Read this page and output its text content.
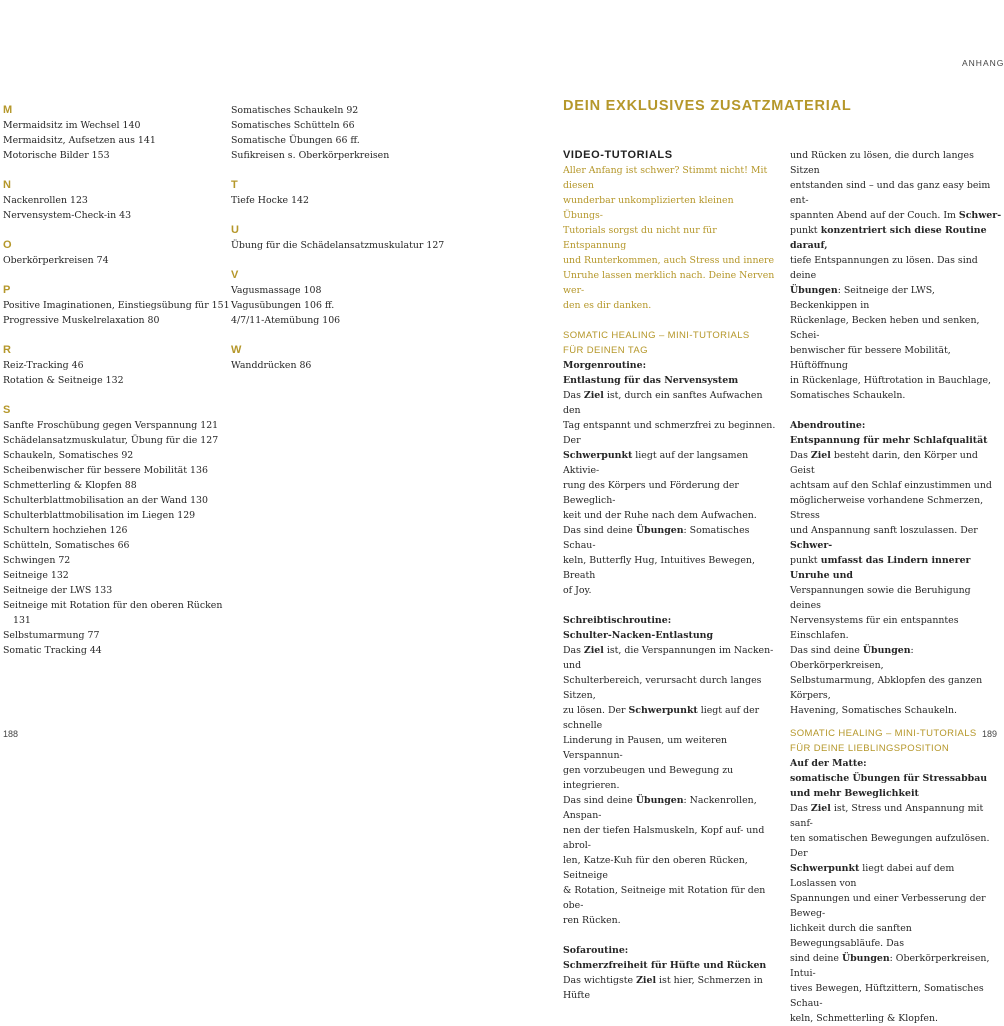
ANHANG

M

Mermaidsitz im Wechsel 140

Mermaidsitz, Aufsetzen aus 141

Motorische Bilder 153

N

Nackenrollen 123

Nervensystem-Check-in 43

O

Oberkörperkreisen 74

P

Positive Imaginationen, Einstiegsübung für 151

Progressive Muskelrelaxation 80

R

Reiz-Tracking 46

Rotation & Seitneige 132

S

Sanfte Froschübung gegen Verspannung 121

Schädelansatzmuskulatur, Übung für die 127

Schaukeln, Somatisches 92

Scheibenwischer für bessere Mobilität 136

Schmetterling & Klopfen 88

Schulterblattmobilisation an der Wand 130

Schulterblattmobilisation im Liegen 129

Schultern hochziehen 126

Schütteln, Somatisches 66

Schwingen 72

Seitneige 132

Seitneige der LWS 133

Seitneige mit Rotation für den oberen Rücken

131

Selbstumarmung 77

Somatic Tracking 44

Somatisches Schaukeln 92

Somatisches Schütteln 66

Somatische Übungen 66 ff.

Sufikreisen s. Oberkörperkreisen

T

Tiefe Hocke 142

U

Übung für die Schädelansatzmuskulatur 127

V

Vagusmassage 108

Vagusübungen 106 ff.

4/7/11-Atemübung 106

W

Wanddrücken 86

DEIN EXKLUSIVES ZUSATZMATERIAL
VIDEO-TUTORIALS
Aller Anfang ist schwer? Stimmt nicht! Mit diesen
wunderbar unkomplizierten kleinen Übungs-
Tutorials sorgst du nicht nur für Entspannung
und Runterkommen, auch Stress und innere
Unruhe lassen merklich nach. Deine Nerven wer-
den es dir danken.
SOMATIC HEALING – MINI-TUTORIALS
FÜR DEINEN TAG
Morgenroutine:
Entlastung für das Nervensystem
Das Ziel ist, durch ein sanftes Aufwachen den
Tag entspannt und schmerzfrei zu beginnen. Der
Schwerpunkt liegt auf der langsamen Aktivie-
rung des Körpers und Förderung der Beweglich-
keit und der Ruhe nach dem Aufwachen.
Das sind deine Übungen: Somatisches Schau-
keln, Butterfly Hug, Intuitives Bewegen, Breath
of Joy.
Schreibtischroutine:
Schulter-Nacken-Entlastung
Das Ziel ist, die Verspannungen im Nacken- und
Schulterbereich, verursacht durch langes Sitzen,
zu lösen. Der Schwerpunkt liegt auf der schnelle
Linderung in Pausen, um weiteren Verspannun-
gen vorzubeugen und Bewegung zu integrieren.
Das sind deine Übungen: Nackenrollen, Anspan-
nen der tiefen Halsmuskeln, Kopf auf- und abrol-
len, Katze-Kuh für den oberen Rücken, Seitneige
& Rotation, Seitneige mit Rotation für den obe-
ren Rücken.
Sofaroutine:
Schmerzfreiheit für Hüfte und Rücken
Das wichtigste Ziel ist hier, Schmerzen in Hüfte
und Rücken zu lösen, die durch langes Sitzen
entstanden sind – und das ganz easy beim ent-
spannten Abend auf der Couch. Im Schwer-
punkt konzentriert sich diese Routine darauf,
tiefe Entspannungen zu lösen. Das sind deine
Übungen: Seitneige der LWS, Beckenkippen in
Rückenlage, Becken heben und senken, Schei-
benwischer für bessere Mobilität, Hüftöffnung
in Rückenlage, Hüftrotation in Bauchlage,
Somatisches Schaukeln.
Abendroutine:
Entspannung für mehr Schlafqualität
Das Ziel besteht darin, den Körper und Geist
achtsam auf den Schlaf einzustimmen und
möglicherweise vorhandene Schmerzen, Stress
und Anspannung sanft loszulassen. Der Schwer-
punkt umfasst das Lindern innerer Unruhe und
Verspannungen sowie die Beruhigung deines
Nervensystems für ein entspanntes Einschlafen.
Das sind deine Übungen: Oberkörperkreisen,
Selbstumarmung, Abklopfen des ganzen Körpers,
Havening, Somatisches Schaukeln.
SOMATIC HEALING – MINI-TUTORIALS
FÜR DEINE LIEBLINGSPOSITION
Auf der Matte:
somatische Übungen für Stressabbau
und mehr Beweglichkeit
Das Ziel ist, Stress und Anspannung mit sanf-
ten somatischen Bewegungen aufzulösen. Der
Schwerpunkt liegt dabei auf dem Loslassen von
Spannungen und einer Verbesserung der Beweg-
lichkeit durch die sanften Bewegungsabläufe. Das
sind deine Übungen: Oberkörperkreisen, Intui-
tives Bewegen, Hüftzittern, Somatisches Schau-
keln, Schmetterling & Klopfen.
188	189
